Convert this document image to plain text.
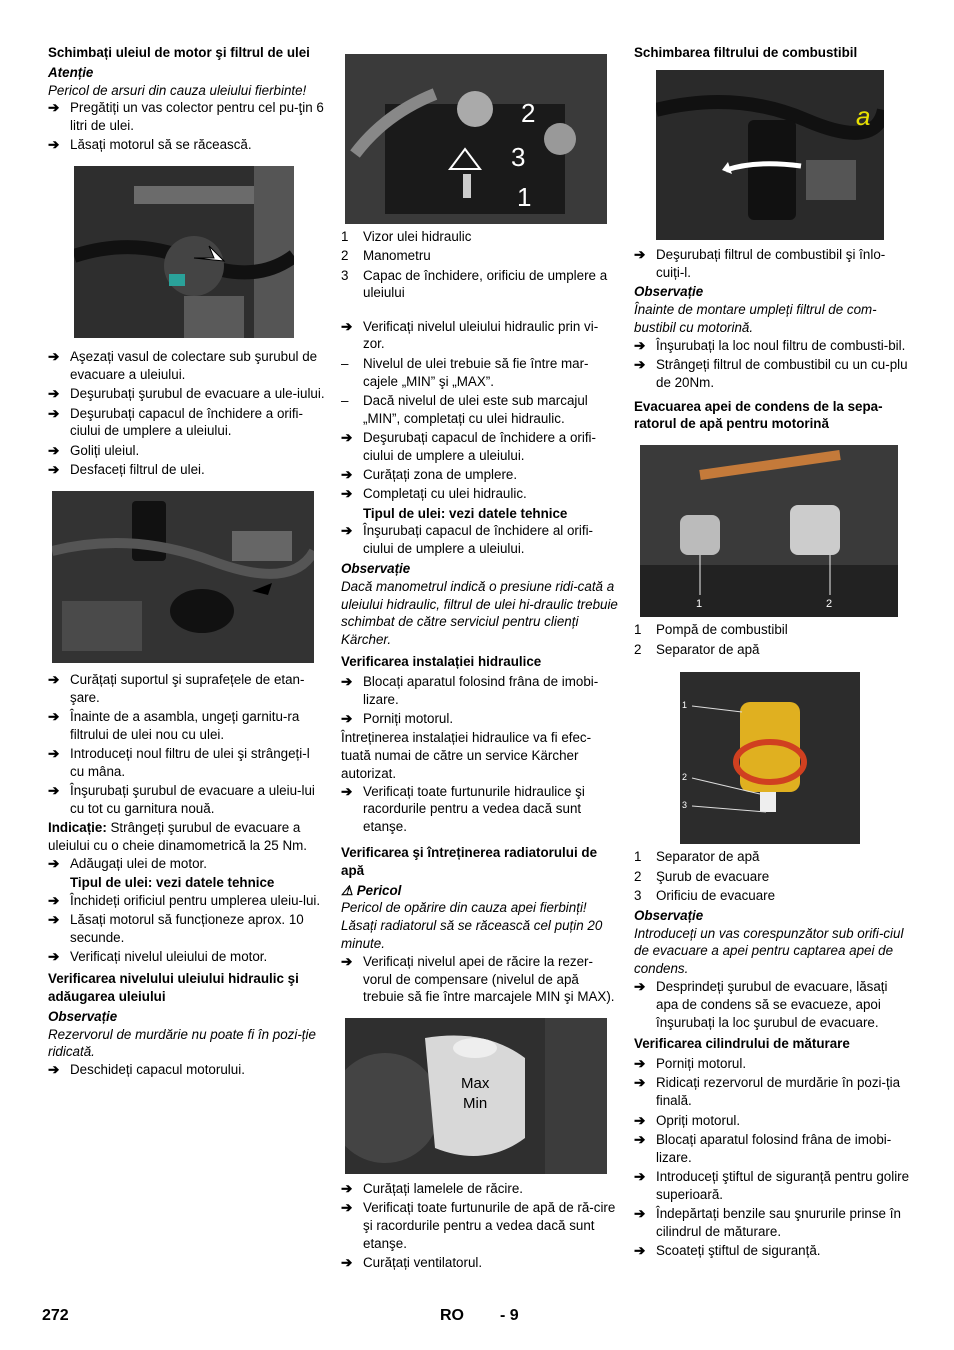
Schimbați uleiul de motor şi filtrul de ulei

Atenție

Pericol de arsuri din cauza uleiului fierbinte!

➔ Pregătiți un vas colector pentru cel pu-ţin 6 litri de ulei.
➔ Lăsați motorul să se răcească.
➔ Aşezați vasul de colectare sub şurubul de evacuare a uleiului.
➔ Deşurubați şurubul de evacuare a ule-iului.
➔ Deşurubați capacul de închidere a orifi-ciului de umplere a uleiului.
➔ Goliți uleiul.
➔ Desfaceți filtrul de ulei.
➔ Curățați suportul şi suprafețele de etan-şare.
➔ Înainte de a asambla, ungeți garnitu-ra filtrului de ulei nou cu ulei.
➔ Introduceți noul filtru de ulei şi strângeți-l cu mâna.
➔ Înşurubați şurubul de evacuare a uleiu-lui cu tot cu garnitura nouă.

Indicație: Strângeți şurubul de evacuare a uleiului cu o cheie dinamometrică la 25 Nm.

➔ Adăugați ulei de motor.

Tipul de ulei: vezi datele tehnice

➔ Închideți orificiul pentru umplerea uleiu-lui.
➔ Lăsați motorul să funcționeze aprox. 10 secunde.
➔ Verificați nivelul uleiului de motor.
Verificarea nivelului uleiului hidraulic şi adăugarea uleiului

Observație

Rezervorul de murdărie nu poate fi în pozi-ție ridicată.

➔ Deschideți capacul motorului.
2
3
1
1 Vizor ulei hidraulic
2 Manometru
3 Capac de închidere, orificiu de umplere a uleiului
➔ Verificați nivelul uleiului hidraulic prin vi-zor.
– Nivelul de ulei trebuie să fie între mar-cajele „MIN” şi „MAX”.
– Dacă nivelul de ulei este sub marcajul „MIN”, completați cu ulei hidraulic.
➔ Deşurubați capacul de închidere a orifi-ciului de umplere a uleiului.
➔ Curățați zona de umplere.
➔ Completați cu ulei hidraulic.

Tipul de ulei: vezi datele tehnice

➔ Înşurubați capacul de închidere al orifi-ciului de umplere a uleiului.

Observație

Dacă manometrul indică o presiune ridi-cată a uleiului hidraulic, filtrul de ulei hi-draulic trebuie schimbat de către serviciul pentru clienți Kärcher.

Verificarea instalației hidraulice
➔ Blocați aparatul folosind frâna de imobi-lizare.
➔ Porniți motorul.

Întreținerea instalației hidraulice va fi efec-tuată numai de către un service Kärcher autorizat.

➔ Verificați toate furtunurile hidraulice şi racordurile pentru a vedea dacă sunt etanşe.
Verificarea şi întreținerea radiatorului de apă

⚠ Pericol

Pericol de opărire din cauza apei fierbinți! Lăsați radiatorul să se răcească cel puțin 20 minute.

➔ Verificați nivelul apei de răcire la rezer-vorul de compensare (nivelul de apă trebuie să fie între marcajele MIN şi MAX).
Max
Min
➔ Curățați lamelele de răcire.
➔ Verificați toate furtunurile de apă de ră-cire şi racordurile pentru a vedea dacă sunt etanşe.
➔ Curățați ventilatorul.
Schimbarea filtrului de combustibil
a
➔ Deşurubați filtrul de combustibil şi înlo-cuiți-l.

Observație

Înainte de montare umpleți filtrul de com-bustibil cu motorină.

➔ Înşurubați la loc noul filtru de combusti-bil.
➔ Strângeți filtrul de combustibil cu un cu-plu de 20Nm.
Evacuarea apei de condens de la sepa-ratorul de apă pentru motorină
1	2
1 Pompă de combustibil
2 Separator de apă
1
2
3
1 Separator de apă
2 Şurub de evacuare
3 Orificiu de evacuare

Observație

Introduceți un vas corespunzător sub orifi-ciul de evacuare a apei pentru captarea apei de condens.

➔ Desprindeți şurubul de evacuare, lăsați apa de condens să se evacueze, apoi înşurubați la loc şurubul de evacuare.
Verificarea cilindrului de măturare
➔ Porniți motorul.
➔ Ridicați rezervorul de murdărie în pozi-ția finală.
➔ Opriți motorul.
➔ Blocați aparatul folosind frâna de imobi-lizare.
➔ Introduceți ştiftul de siguranță pentru golire superioară.
➔ Îndepărtați benzile sau şnururile prinse în cilindrul de măturare.
➔ Scoateți ştiftul de siguranță.
272	RO - 9
